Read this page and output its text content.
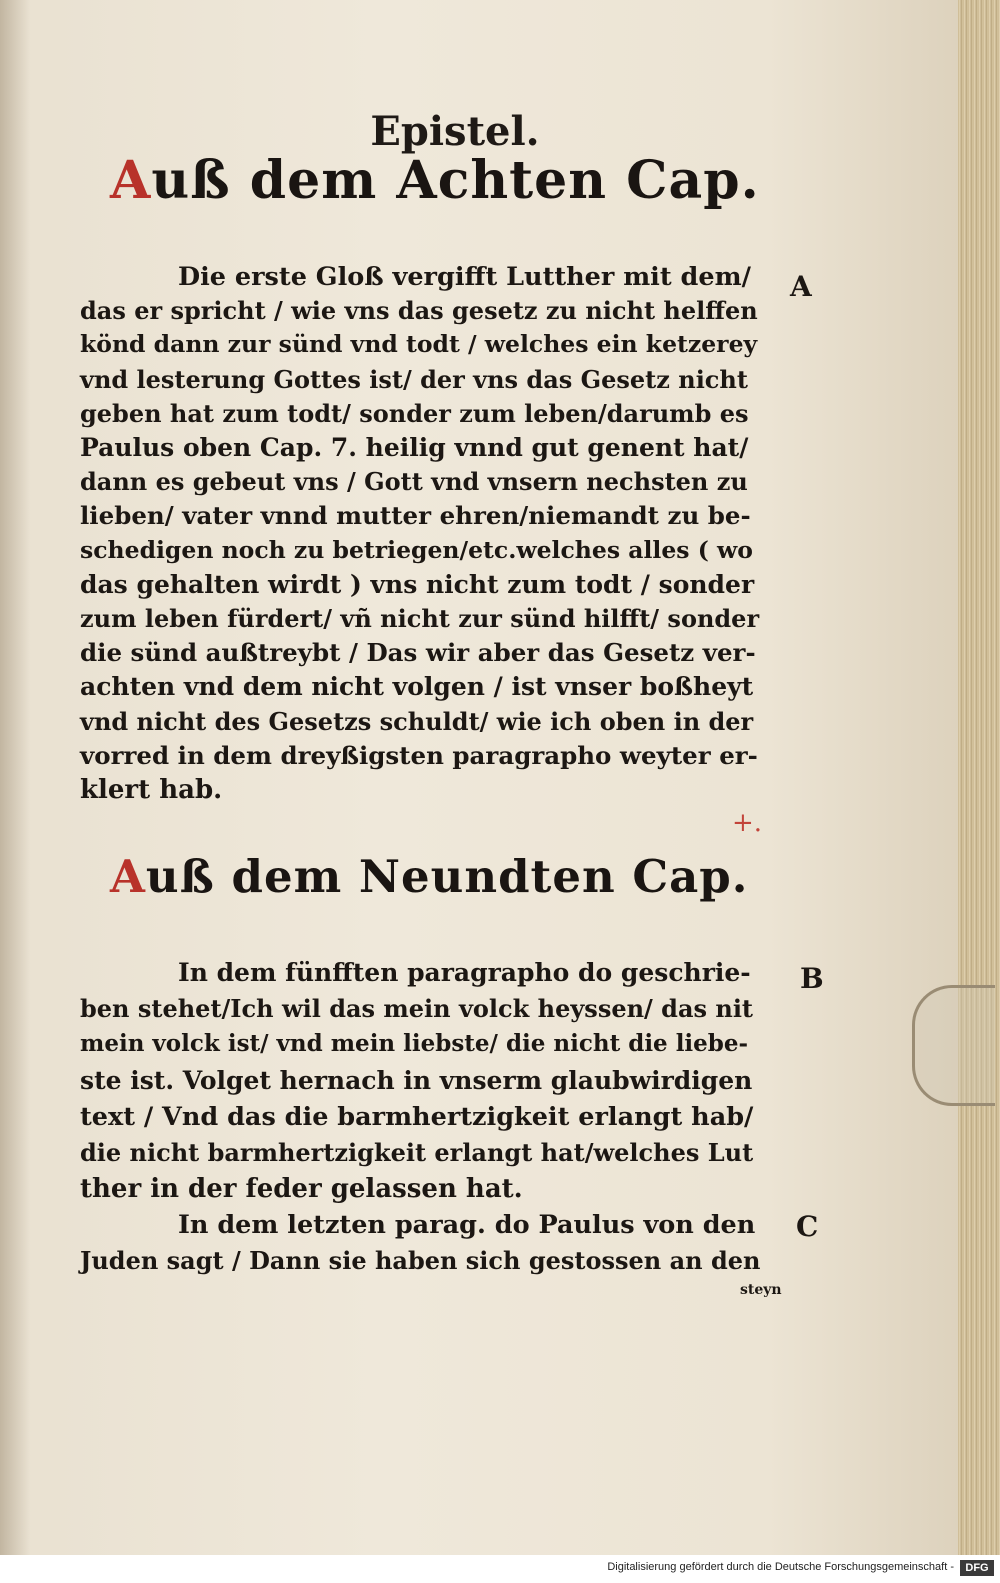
Epistel.
Auß dem Achten Cap.
Die erste Gloß vergifft Lutther mit dem/
das er spricht / wie vns das gesetz zu nicht helffen
könd dann zur sünd vnd todt / welches ein ketzerey
vnd lesterung Gottes ist/ der vns das Gesetz nicht
geben hat zum todt/ sonder zum leben/darumb es
Paulus oben Cap. 7. heilig vnnd gut genent hat/
dann es gebeut vns / Gott vnd vnsern nechsten zu
lieben/ vater vnnd mutter ehren/niemandt zu be-
schedigen noch zu betriegen/etc.welches alles ( wo
das gehalten wirdt ) vns nicht zum todt / sonder
zum leben fürdert/ vñ nicht zur sünd hilfft/ sonder
die sünd außtreybt / Das wir aber das Gesetz ver-
achten vnd dem nicht volgen / ist vnser boßheyt
vnd nicht des Gesetzs schuldt/ wie ich oben in der
vorred in dem dreyßigsten paragrapho weyter er-
klert hab.
A
+.
Auß dem Neundten Cap.
In dem fünfften paragrapho do geschrie-
ben stehet/Ich wil das mein volck heyssen/ das nit
mein volck ist/ vnd mein liebste/ die nicht die liebe-
ste ist. Volget hernach in vnserm glaubwirdigen
text / Vnd das die barmhertzigkeit erlangt hab/
die nicht barmhertzigkeit erlangt hat/welches Lut
ther in der feder gelassen hat.
In dem letzten parag. do Paulus von den
Juden sagt / Dann sie haben sich gestossen an den
steyn
B
C
Digitalisierung gefördert durch die Deutsche Forschungsgemeinschaft -	DFG
